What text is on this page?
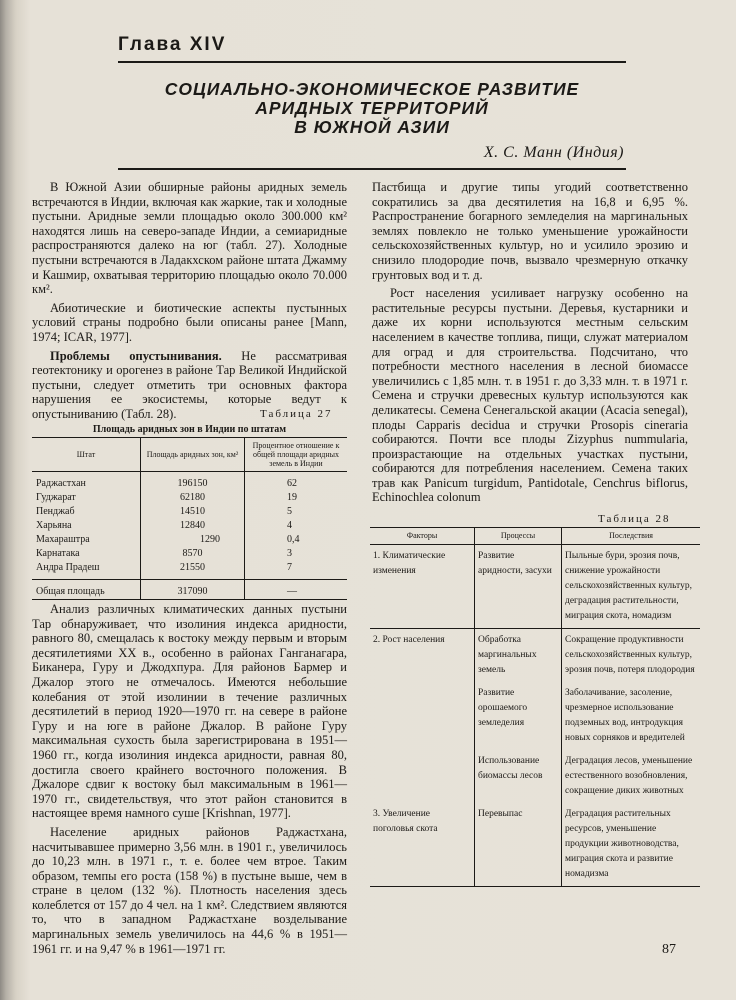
Глава XIV
СОЦИАЛЬНО-ЭКОНОМИЧЕСКОЕ РАЗВИТИЕ
АРИДНЫХ ТЕРРИТОРИЙ
В ЮЖНОЙ АЗИИ
Х. С. Манн (Индия)

В Южной Азии обширные районы аридных земель встречаются в Индии, включая как жаркие, так и холодные пустыни. Аридные земли площадью около 300.000 км² находятся лишь на северо-западе Индии, а семиаридные распространяются далеко на юг (табл. 27). Холодные пустыни встречаются в Ладакхском районе штата Джамму и Кашмир, охватывая территорию площадью около 70.000 км².

Абиотические и биотические аспекты пустынных условий страны подробно были описаны ранее [Mann, 1974; ICAR, 1977].

Проблемы опустынивания. Не рассматривая геотектонику и орогенез в районе Тар Великой Индийской пустыни, следует отметить три основных фактора нарушения ее экосистемы, которые ведут к опустыниванию (Табл. 28).	Таблица 27
Площадь аридных зон в Индии по штатам
Штат	Площадь аридных зон, км²	Процентное отношение к общей площади аридных земель в Индии
Раджастхан	196150	62
Гуджарат	62180	19
Пенджаб	14510	5
Харьяна	12840	4
Махараштра	1290	0,4
Карнатака	8570	3
Андра Прадеш	21550	7
Общая площадь	317090	—

Анализ различных климатических данных пустыни Тар обнаруживает, что изолиния индекса аридности, равного 80, смещалась к востоку между первым и вторым десятилетиями XX в., особенно в районах Ганганагара, Биканера, Гуру и Джодхпура. Для районов Бармер и Джалор этого не отмечалось. Имеются небольшие колебания от этой изолинии в течение различных десятилетий в период 1920—1970 гг. на севере в районе Гуру и на юге в районе Джалор. В районе Гуру максимальная сухость была зарегистрирована в 1951—1960 гг., когда изолиния индекса аридности, равная 80, достигла своего крайнего восточного положения. В Джалоре сдвиг к востоку был максимальным в 1961—1970 гг., свидетельствуя, что этот район становится в настоящее время намного суше [Krishnan, 1977].

Население аридных районов Раджастхана, насчитывавшее примерно 3,56 млн. в 1901 г., увеличилось до 10,23 млн. в 1971 г., т. е. более чем втрое. Таким образом, темпы его роста (158 %) в пустыне выше, чем в стране в целом (132 %). Плотность населения здесь колеблется от 157 до 4 чел. на 1 км². Следствием являются то, что в западном Раджастхане возделывание маргинальных земель увеличилось на 44,6 % в 1951—1961 гг. и на 9,47 % в 1961—1971 гг.

Пастбища и другие типы угодий соответственно сократились за два десятилетия на 16,8 и 6,95 %. Распространение богарного земледелия на маргинальных землях повлекло не только уменьшение урожайности сельскохозяйственных культур, но и усилило эрозию и снизило плодородие почв, вызвало чрезмерную откачку грунтовых вод и т. д.

Рост населения усиливает нагрузку особенно на растительные ресурсы пустыни. Деревья, кустарники и даже их корни используются местным сельским населением в качестве топлива, пищи, служат материалом для оград и для строительства. Подсчитано, что потребности местного населения в лесной биомассе увеличились с 1,85 млн. т. в 1951 г. до 3,33 млн. т. в 1971 г. Семена и стручки древесных культур используются как деликатесы. Семена Сенегальской акации (Acacia senegal), плоды Capparis decidua и стручки Prosopis cineraria собираются. Почти все плоды Zizyphus nummularia, произрастающие на отдельных участках пустыни, собираются для потребления населением. Семена таких трав как Panicum turgidum, Pantidotale, Cenchrus biflorus, Echinochlea colonum

Таблица 28
Факторы	Процессы	Последствия
1. Климатические изменения	Развитие аридности, засухи	Пыльные бури, эрозия почв, снижение урожайности сельскохозяйственных культур, деградация растительности, миграция скота, номадизм
2. Рост населения	Обработка маргинальных земель	Сокращение продуктивности сельскохозяйственных культур, эрозия почв, потеря плодородия
	Развитие орошаемого земледелия	Заболачивание, засоление, чрезмерное использование подземных вод, интродукция новых сорняков и вредителей
	Использование биомассы лесов	Деградация лесов, уменьшение естественного возобновления, сокращение диких животных
3. Увеличение поголовья скота	Перевыпас	Деградация растительных ресурсов, уменьшение продукции животноводства, миграция скота и развитие номадизма
87
